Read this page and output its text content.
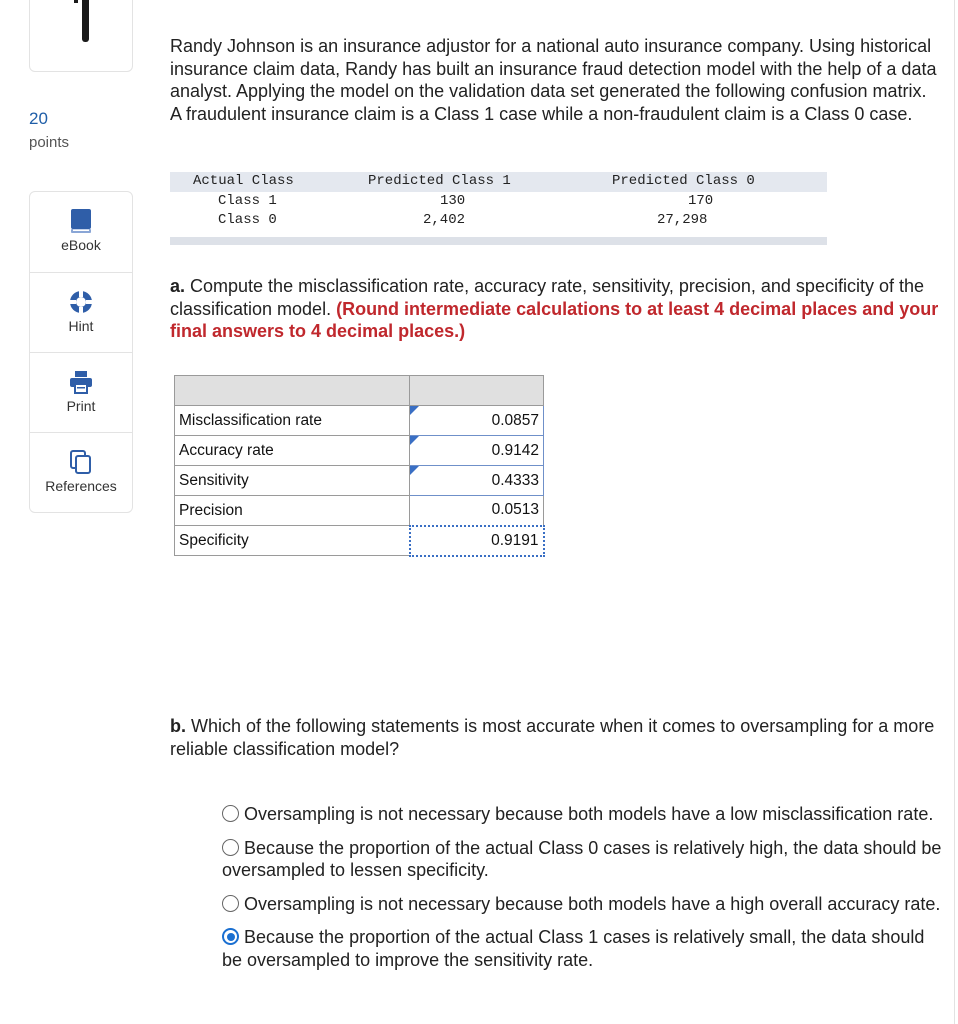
20
points
eBook
Hint
Print
References
Randy Johnson is an insurance adjustor for a national auto insurance company. Using historical insurance claim data, Randy has built an insurance fraud detection model with the help of a data analyst. Applying the model on the validation data set generated the following confusion matrix. A fraudulent insurance claim is a Class 1 case while a non-fraudulent claim is a Class 0 case.
Actual Class	Predicted Class 1	Predicted Class 0
Class 1	130	170
Class 0	2,402	27,298
a. Compute the misclassification rate, accuracy rate, sensitivity, precision, and specificity of the classification model. (Round intermediate calculations to at least 4 decimal places and your final answers to 4 decimal places.)

Misclassification rate	0.0857
Accuracy rate	0.9142
Sensitivity	0.4333
Precision	0.0513
Specificity	0.9191
b. Which of the following statements is most accurate when it comes to oversampling for a more reliable classification model?
Oversampling is not necessary because both models have a low misclassification rate.
Because the proportion of the actual Class 0 cases is relatively high, the data should be oversampled to lessen specificity.
Oversampling is not necessary because both models have a high overall accuracy rate.
Because the proportion of the actual Class 1 cases is relatively small, the data should be oversampled to improve the sensitivity rate.
